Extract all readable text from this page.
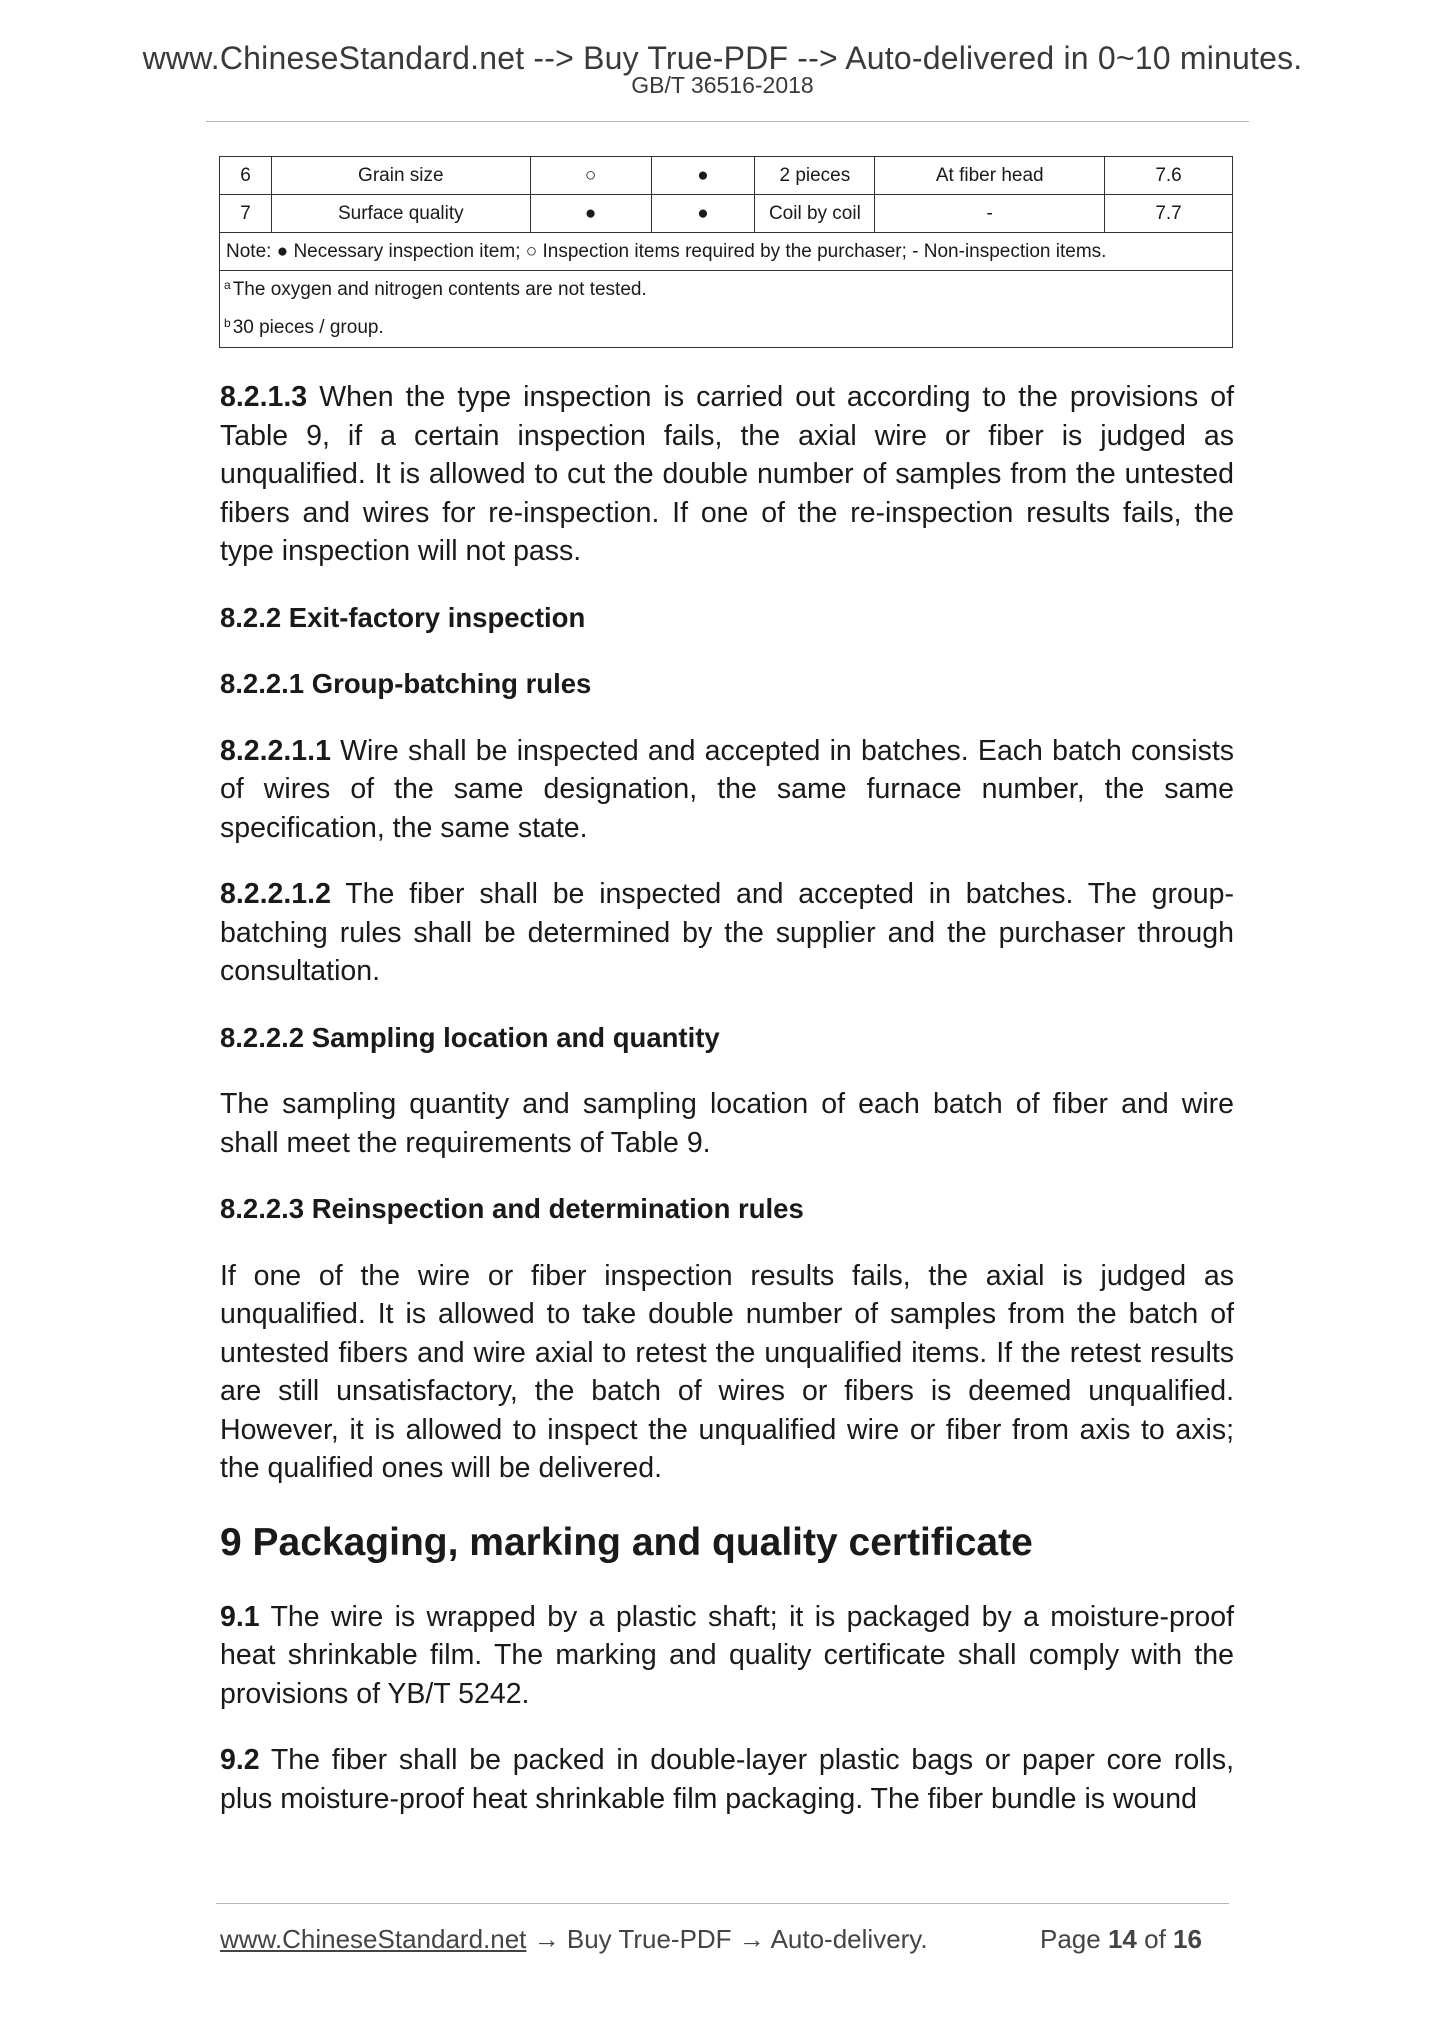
www.ChineseStandard.net --> Buy True-PDF --> Auto-delivered in 0~10 minutes.
GB/T 36516-2018
6	Grain size	○	●	2 pieces	At fiber head	7.6
7	Surface quality	●	●	Coil by coil	-	7.7
Note: ● Necessary inspection item; ○ Inspection items required by the purchaser; - Non-inspection items.						

$^a$ The oxygen and nitrogen contents are not tested.
$^b$ 30 pieces / group.						

8.2.1.3 When the type inspection is carried out according to the provisions of Table 9, if a certain inspection fails, the axial wire or fiber is judged as unqualified. It is allowed to cut the double number of samples from the untested fibers and wires for re-inspection. If one of the re-inspection results fails, the type inspection will not pass.

8.2.2 Exit-factory inspection

8.2.2.1 Group-batching rules

8.2.2.1.1 Wire shall be inspected and accepted in batches. Each batch consists of wires of the same designation, the same furnace number, the same specification, the same state.

8.2.2.1.2 The fiber shall be inspected and accepted in batches. The group-batching rules shall be determined by the supplier and the purchaser through consultation.

8.2.2.2 Sampling location and quantity

The sampling quantity and sampling location of each batch of fiber and wire shall meet the requirements of Table 9.

8.2.2.3 Reinspection and determination rules

If one of the wire or fiber inspection results fails, the axial is judged as unqualified. It is allowed to take double number of samples from the batch of untested fibers and wire axial to retest the unqualified items. If the retest results are still unsatisfactory, the batch of wires or fibers is deemed unqualified. However, it is allowed to inspect the unqualified wire or fiber from axis to axis; the qualified ones will be delivered.

9 Packaging, marking and quality certificate

9.1 The wire is wrapped by a plastic shaft; it is packaged by a moisture-proof heat shrinkable film. The marking and quality certificate shall comply with the provisions of YB/T 5242.

9.2 The fiber shall be packed in double-layer plastic bags or paper core rolls, plus moisture-proof heat shrinkable film packaging. The fiber bundle is wound

www.ChineseStandard.net → Buy True-PDF → Auto-delivery.	Page 14 of 16
